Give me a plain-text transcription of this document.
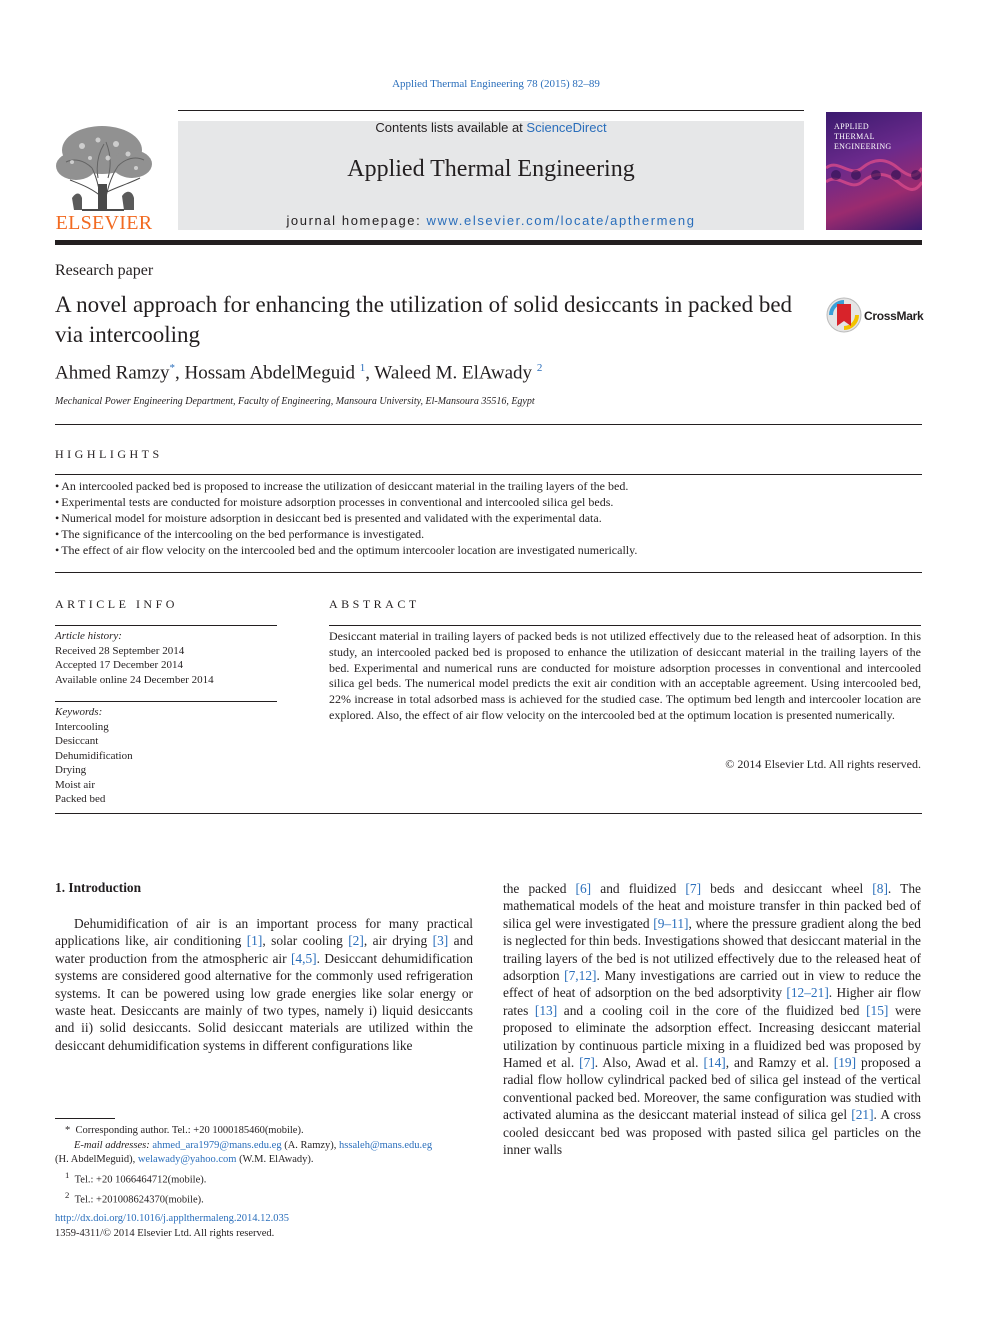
Applied Thermal Engineering 78 (2015) 82–89
ELSEVIER
Contents lists available at ScienceDirect
Applied Thermal Engineering
journal homepage: www.elsevier.com/locate/apthermeng
APPLIED
THERMAL
ENGINEERING
Research paper
A novel approach for enhancing the utilization of solid desiccants in packed bed via intercooling
CrossMark
Ahmed Ramzy*, Hossam AbdelMeguid $^1$, Waleed M. ElAwady $^2$
Mechanical Power Engineering Department, Faculty of Engineering, Mansoura University, El-Mansoura 35516, Egypt
HIGHLIGHTS
• An intercooled packed bed is proposed to increase the utilization of desiccant material in the trailing layers of the bed.
• Experimental tests are conducted for moisture adsorption processes in conventional and intercooled silica gel beds.
• Numerical model for moisture adsorption in desiccant bed is presented and validated with the experimental data.
• The significance of the intercooling on the bed performance is investigated.
• The effect of air flow velocity on the intercooled bed and the optimum intercooler location are investigated numerically.
ARTICLE INFO
Article history:
Received 28 September 2014
Accepted 17 December 2014
Available online 24 December 2014
Keywords:
Intercooling
Desiccant
Dehumidification
Drying
Moist air
Packed bed
ABSTRACT
Desiccant material in trailing layers of packed beds is not utilized effectively due to the released heat of adsorption. In this study, an intercooled packed bed is proposed to enhance the utilization of desiccant material in the trailing layers of the bed. Experimental and numerical runs are conducted for moisture adsorption processes in conventional and intercooled silica gel beds. The numerical model predicts the exit air condition with an acceptable agreement. Using intercooled bed, 22% increase in total adsorbed mass is achieved for the studied case. The optimum bed length and intercooler location are explored. Also, the effect of air flow velocity on the intercooled bed at the optimum location is presented numerically.
© 2014 Elsevier Ltd. All rights reserved.
1. Introduction

Dehumidification of air is an important process for many practical applications like, air conditioning [1], solar cooling [2], air drying [3] and water production from the atmospheric air [4,5]. Desiccant dehumidification systems are considered good alternative for the commonly used refrigeration systems. It can be powered using low grade energies like solar energy or waste heat. Desiccants are mainly of two types, namely i) liquid desiccants and ii) solid desiccants. Solid desiccant materials are utilized within the desiccant dehumidification systems in different configurations like

the packed [6] and fluidized [7] beds and desiccant wheel [8]. The mathematical models of the heat and moisture transfer in thin packed bed of silica gel were investigated [9–11], where the pressure gradient along the bed is neglected for thin beds. Investigations showed that desiccant material in the trailing layers of the bed is not utilized effectively due to the released heat of adsorption [7,12]. Many investigations are carried out in view to reduce the effect of heat of adsorption on the bed adsorptivity [12–21]. Higher air flow rates [13] and a cooling coil in the core of the fluidized bed [15] were proposed to eliminate the adsorption effect. Increasing desiccant material utilization by continuous particle mixing in a fluidized bed was proposed by Hamed et al. [7]. Also, Awad et al. [14], and Ramzy et al. [19] proposed a radial flow hollow cylindrical packed bed of silica gel instead of the vertical conventional packed bed. Moreover, the same configuration was studied with activated alumina as the desiccant material instead of silica gel [21]. A cross cooled desiccant bed was proposed with pasted silica gel particles on the inner walls

* Corresponding author. Tel.: +20 1000185460(mobile).
E-mail addresses: ahmed_ara1979@mans.edu.eg (A. Ramzy), hssaleh@mans.edu.eg
(H. AbdelMeguid), welawady@yahoo.com (W.M. ElAwady).
$^1$ Tel.: +20 1066464712(mobile).
$^2$ Tel.: +201008624370(mobile).
http://dx.doi.org/10.1016/j.applthermaleng.2014.12.035
1359-4311/© 2014 Elsevier Ltd. All rights reserved.
